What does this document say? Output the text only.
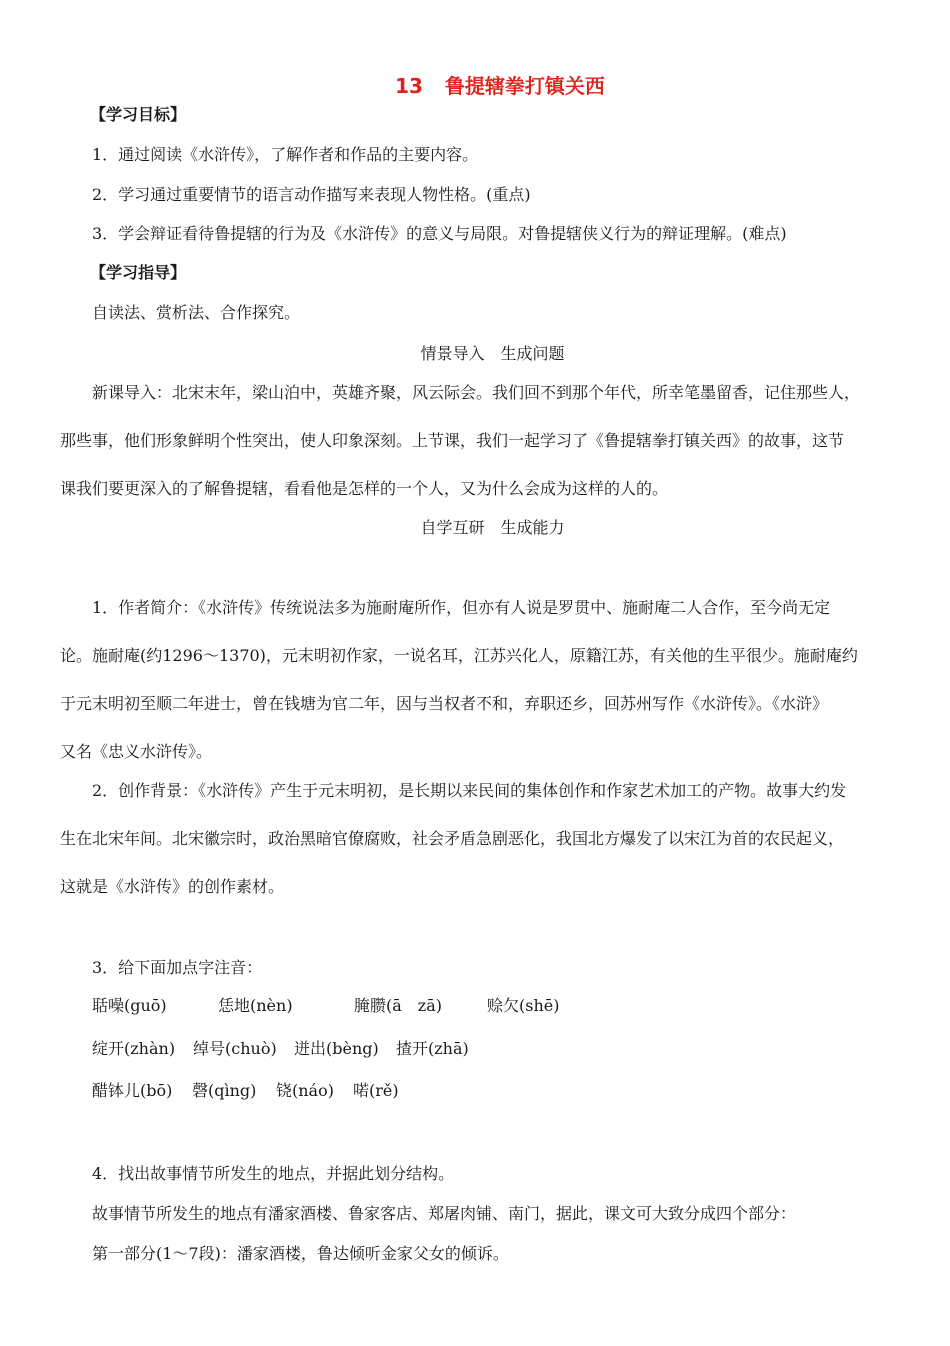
13 鲁提辖拳打镇关西
【学习目标】
1．通过阅读《水浒传》，了解作者和作品的主要内容。
2．学习通过重要情节的语言动作描写来表现人物性格。(重点)
3．学会辩证看待鲁提辖的行为及《水浒传》的意义与局限。对鲁提辖侠义行为的辩证理解。(难点)
【学习指导】
自读法、赏析法、合作探究。
情景导入　生成问题
新课导入：北宋末年，梁山泊中，英雄齐聚，风云际会。我们回不到那个年代，所幸笔墨留香，记住那些人，
那些事，他们形象鲜明个性突出，使人印象深刻。上节课，我们一起学习了《鲁提辖拳打镇关西》的故事，这节
课我们要更深入的了解鲁提辖，看看他是怎样的一个人，又为什么会成为这样的人的。
自学互研　生成能力
1．作者简介：《水浒传》传统说法多为施耐庵所作，但亦有人说是罗贯中、施耐庵二人合作，至今尚无定
论。施耐庵(约1296～1370)，元末明初作家，一说名耳，江苏兴化人，原籍江苏，有关他的生平很少。施耐庵约
于元末明初至顺二年进士，曾在钱塘为官二年，因与当权者不和，弃职还乡，回苏州写作《水浒传》。《水浒》
又名《忠义水浒传》。
2．创作背景：《水浒传》产生于元末明初，是长期以来民间的集体创作和作家艺术加工的产物。故事大约发
生在北宋年间。北宋徽宗时，政治黑暗官僚腐败，社会矛盾急剧恶化，我国北方爆发了以宋江为首的农民起义，
这就是《水浒传》的创作素材。
3．给下面加点字注音：
聒噪(guō)	恁地(nèn)	腌臜(ā　zā)	赊欠(shē)
绽开(zhàn) 绰号(chuò) 迸出(bèng) 揸开(zhā)
醋钵儿(bō) 磬(qìng) 铙(náo) 喏(rě)
4．找出故事情节所发生的地点，并据此划分结构。
故事情节所发生的地点有潘家酒楼、鲁家客店、郑屠肉铺、南门，据此，课文可大致分成四个部分：
第一部分(1～7段)：潘家酒楼，鲁达倾听金家父女的倾诉。
